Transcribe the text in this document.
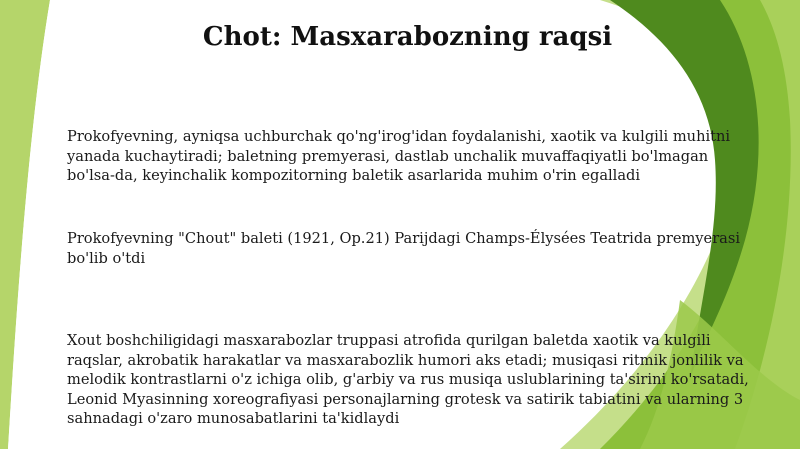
Chot: Masxarabozning raqsi

Prokofyevning, ayniqsa uchburchak qo'ng'irog'idan foydalanishi, xaotik va kulgili muhitni yanada kuchaytiradi; baletning premyerasi, dastlab unchalik muvaffaqiyatli bo'lmagan bo'lsa-da, keyinchalik kompozitorning baletik asarlarida muhim o'rin egalladi

Prokofyevning "Chout" baleti (1921, Op.21) Parijdagi Champs-Élysées Teatrida premyerasi bo'lib o'tdi

Xout boshchiligidagi masxarabozlar truppasi atrofida qurilgan baletda xaotik va kulgili raqslar, akrobatik harakatlar va masxarabozlik humori aks etadi; musiqasi ritmik jonlilik va melodik kontrastlarni o'z ichiga olib, g'arbiy va rus musiqa uslublarining ta'sirini ko'rsatadi, Leonid Myasinning xoreografiyasi personajlarning grotesk va satirik tabiatini va ularning 3 sahnadagi o'zaro munosabatlarini ta'kidlaydi
